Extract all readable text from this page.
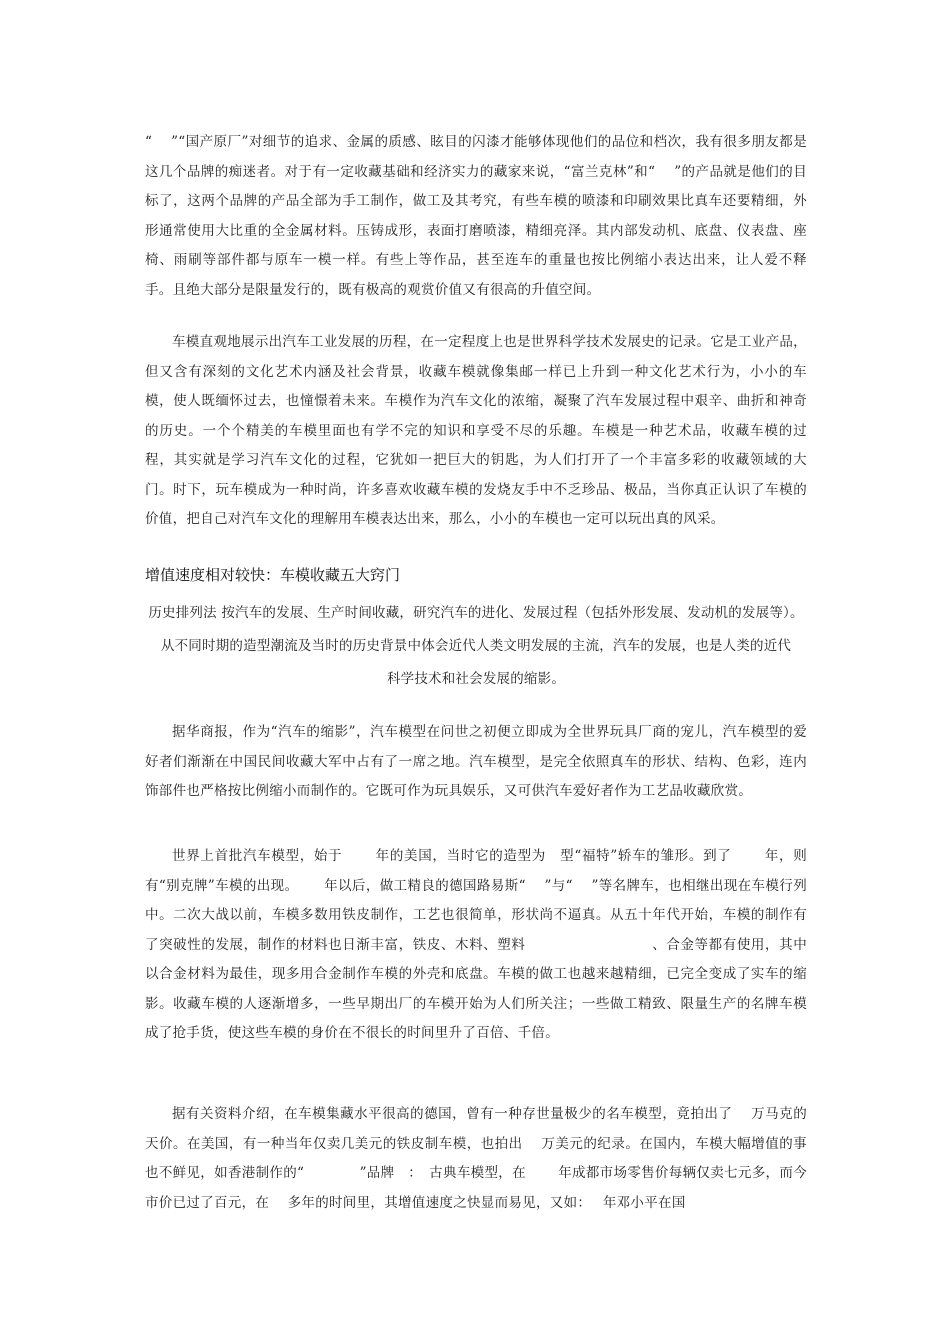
“　 ”“国产原厂”对细节的追求、金属的质感、眩目的闪漆才能够体现他们的品位和档次，我有很多朋友都是这几个品牌的痴迷者。对于有一定收藏基础和经济实力的藏家来说，“富兰克林”和“　 ”的产品就是他们的目标了，这两个品牌的产品全部为手工制作，做工及其考究，有些车模的喷漆和印刷效果比真车还要精细，外形通常使用大比重的全金属材料。压铸成形，表面打磨喷漆，精细亮泽。其内部发动机、底盘、仪表盘、座椅、雨刷等部件都与原车一模一样。有些上等作品，甚至连车的重量也按比例缩小表达出来，让人爱不释手。且绝大部分是限量发行的，既有极高的观赏价值又有很高的升值空间。
车模直观地展示出汽车工业发展的历程，在一定程度上也是世界科学技术发展史的记录。它是工业产品，但又含有深刻的文化艺术内涵及社会背景，收藏车模就像集邮一样已上升到一种文化艺术行为，小小的车模，使人既缅怀过去，也憧憬着未来。车模作为汽车文化的浓缩，凝聚了汽车发展过程中艰辛、曲折和神奇的历史。一个个精美的车模里面也有学不完的知识和享受不尽的乐趣。车模是一种艺术品，收藏车模的过程，其实就是学习汽车文化的过程，它犹如一把巨大的钥匙，为人们打开了一个丰富多彩的收藏领域的大门。时下，玩车模成为一种时尚，许多喜欢收藏车模的发烧友手中不乏珍品、极品，当你真正认识了车模的价值，把自己对汽车文化的理解用车模表达出来，那么，小小的车模也一定可以玩出真的风采。
增值速度相对较快：车模收藏五大窍门
历史排列法 按汽车的发展、生产时间收藏，研究汽车的进化、发展过程（包括外形发展、发动机的发展等）。
从不同时期的造型潮流及当时的历史背景中体会近代人类文明发展的主流，汽车的发展，也是人类的近代
科学技术和社会发展的缩影。
据华商报，作为“汽车的缩影”，汽车模型在问世之初便立即成为全世界玩具厂商的宠儿，汽车模型的爱好者们渐渐在中国民间收藏大军中占有了一席之地。汽车模型，是完全依照真车的形状、结构、色彩，连内饰部件也严格按比例缩小而制作的。它既可作为玩具娱乐，又可供汽车爱好者作为工艺品收藏欣赏。
世界上首批汽车模型，始于　　 年的美国，当时它的造型为　型“福特”轿车的雏形。到了　　 年，则有“别克牌”车模的出现。　　 年以后，做工精良的德国路易斯“　 ”与“　 ”等名牌车，也相继出现在车模行列中。二次大战以前，车模多数用铁皮制作，工艺也很简单，形状尚不逼真。从五十年代开始，车模的制作有了突破性的发展，制作的材料也日渐丰富，铁皮、木料、塑料　　　　　　　　　、合金等都有使用，其中以合金材料为最佳，现多用合金制作车模的外壳和底盘。车模的做工也越来越精细，已完全变成了实车的缩影。收藏车模的人逐渐增多，一些早期出厂的车模开始为人们所关注；一些做工精致、限量生产的名牌车模成了抢手货，使这些车模的身价在不很长的时间里升了百倍、千倍。
据有关资料介绍，在车模集藏水平很高的德国，曾有一种存世量极少的名车模型，竟拍出了　 万马克的天价。在美国，有一种当年仅卖几美元的铁皮制车模，也拍出　 万美元的纪录。在国内，车模大幅增值的事也不鲜见，如香港制作的“　　　　”品牌　：　古典车模型，在　　 年成都市场零售价每辆仅卖七元多，而今市价已过了百元，在　 多年的时间里，其增值速度之快显而易见，又如：　 年邓小平在国
